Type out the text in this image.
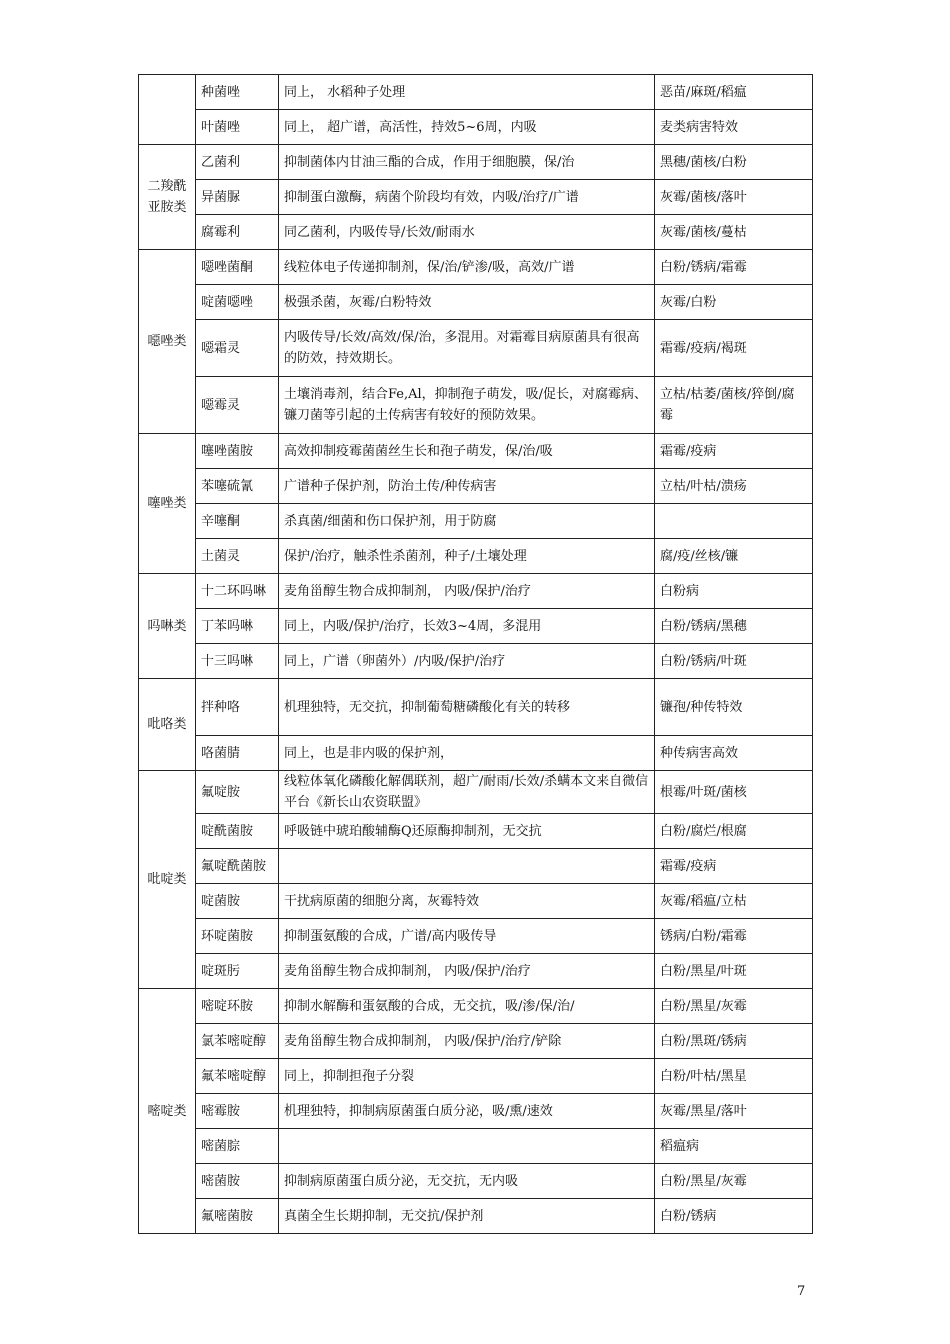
	种菌唑	同上， 水稻种子处理	恶苗/麻斑/稻瘟
	叶菌唑	同上， 超广谱，高活性，持效5~6周，内吸	麦类病害特效
二羧酰亚胺类	乙菌利	抑制菌体内甘油三酯的合成，作用于细胞膜，保/治	黑穗/菌核/白粉
	异菌脲	抑制蛋白激酶，病菌个阶段均有效，内吸/治疗/广谱	灰霉/菌核/落叶
	腐霉利	同乙菌利，内吸传导/长效/耐雨水	灰霉/菌核/蔓枯
噁唑类	噁唑菌酮	线粒体电子传递抑制剂，保/治/铲渗/吸，高效/广谱	白粉/锈病/霜霉
	啶菌噁唑	极强杀菌，灰霉/白粉特效	灰霉/白粉
	噁霜灵	内吸传导/长效/高效/保/治，多混用。对霜霉目病原菌具有很高的防效，持效期长。	霜霉/疫病/褐斑
	噁霉灵	土壤消毒剂，结合Fe,Al，抑制孢子萌发，吸/促长，对腐霉病、镰刀菌等引起的土传病害有较好的预防效果。	立枯/枯萎/菌核/猝倒/腐霉
噻唑类	噻唑菌胺	高效抑制疫霉菌菌丝生长和孢子萌发，保/治/吸	霜霉/疫病
	苯噻硫氰	广谱种子保护剂，防治土传/种传病害	立枯/叶枯/溃疡
	辛噻酮	杀真菌/细菌和伤口保护剂，用于防腐	
	土菌灵	保护/治疗，触杀性杀菌剂，种子/土壤处理	腐/疫/丝核/镰
吗啉类	十二环吗啉	麦角甾醇生物合成抑制剂， 内吸/保护/治疗	白粉病
	丁苯吗啉	同上，内吸/保护/治疗，长效3~4周，多混用	白粉/锈病/黑穗
	十三吗啉	同上，广谱（卵菌外）/内吸/保护/治疗	白粉/锈病/叶斑
吡咯类	拌种咯	机理独特，无交抗，抑制葡萄糖磷酸化有关的转移	镰孢/种传特效
	咯菌腈	同上，也是非内吸的保护剂，	种传病害高效
吡啶类	氟啶胺	线粒体氧化磷酸化解偶联剂，超广/耐雨/长效/杀螨本文来自微信平台《新长山农资联盟》	根霉/叶斑/菌核
	啶酰菌胺	呼吸链中琥珀酸辅酶Q还原酶抑制剂，无交抗	白粉/腐烂/根腐
	氟啶酰菌胺		霜霉/疫病
	啶菌胺	干扰病原菌的细胞分离，灰霉特效	灰霉/稻瘟/立枯
	环啶菌胺	抑制蛋氨酸的合成，广谱/高内吸传导	锈病/白粉/霜霉
	啶斑肟	麦角甾醇生物合成抑制剂， 内吸/保护/治疗	白粉/黑星/叶斑
嘧啶类	嘧啶环胺	抑制水解酶和蛋氨酸的合成，无交抗，吸/渗/保/治/	白粉/黑星/灰霉
	氯苯嘧啶醇	麦角甾醇生物合成抑制剂， 内吸/保护/治疗/铲除	白粉/黑斑/锈病
	氟苯嘧啶醇	同上，抑制担孢子分裂	白粉/叶枯/黑星
	嘧霉胺	机理独特，抑制病原菌蛋白质分泌，吸/熏/速效	灰霉/黑星/落叶
	嘧菌腙		稻瘟病
	嘧菌胺	抑制病原菌蛋白质分泌，无交抗，无内吸	白粉/黑星/灰霉
	氟嘧菌胺	真菌全生长期抑制，无交抗/保护剂	白粉/锈病
7
